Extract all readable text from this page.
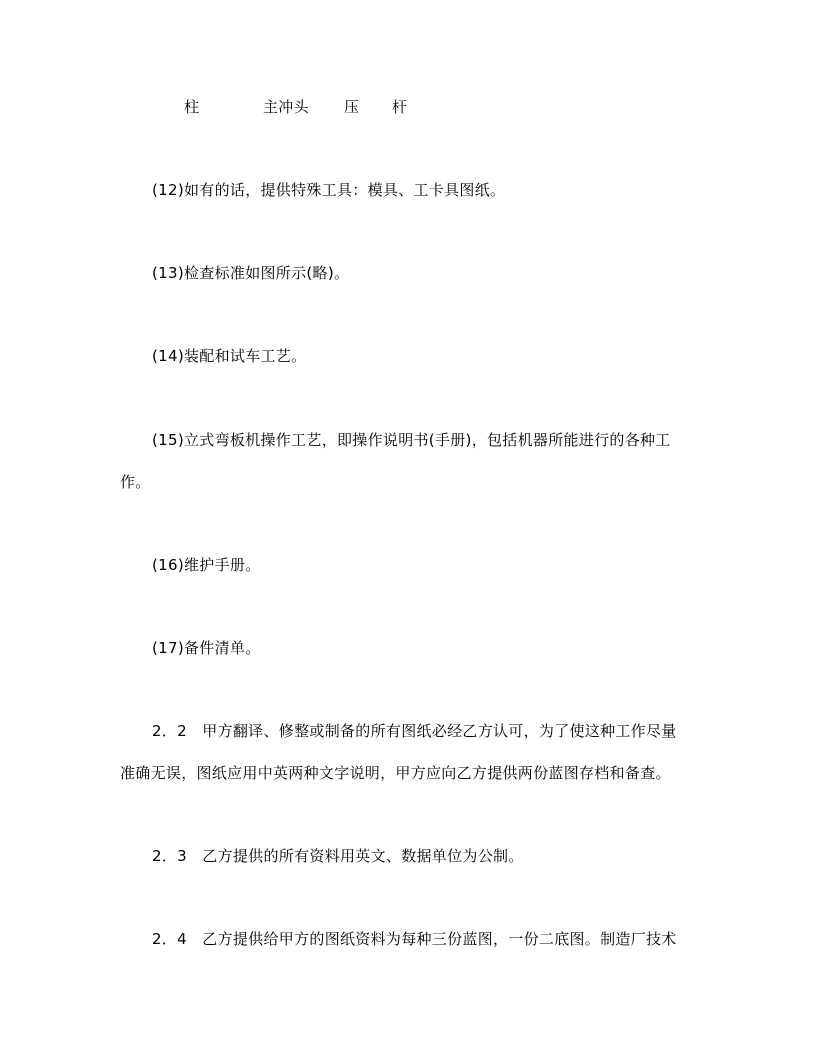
柱	主冲头 压 杆
(12)如有的话，提供特殊工具：模具、工卡具图纸。
(13)检查标准如图所示(略)。
(14)装配和试车工艺。
(15)立式弯板机操作工艺，即操作说明书(手册)，包括机器所能进行的各种工
作。
(16)维护手册。
(17)备件清单。
2．2　甲方翻译、修整或制备的所有图纸必经乙方认可，为了使这种工作尽量
准确无误，图纸应用中英两种文字说明，甲方应向乙方提供两份蓝图存档和备查。
2．3　乙方提供的所有资料用英文、数据单位为公制。
2．4　乙方提供给甲方的图纸资料为每种三份蓝图，一份二底图。制造厂技术
